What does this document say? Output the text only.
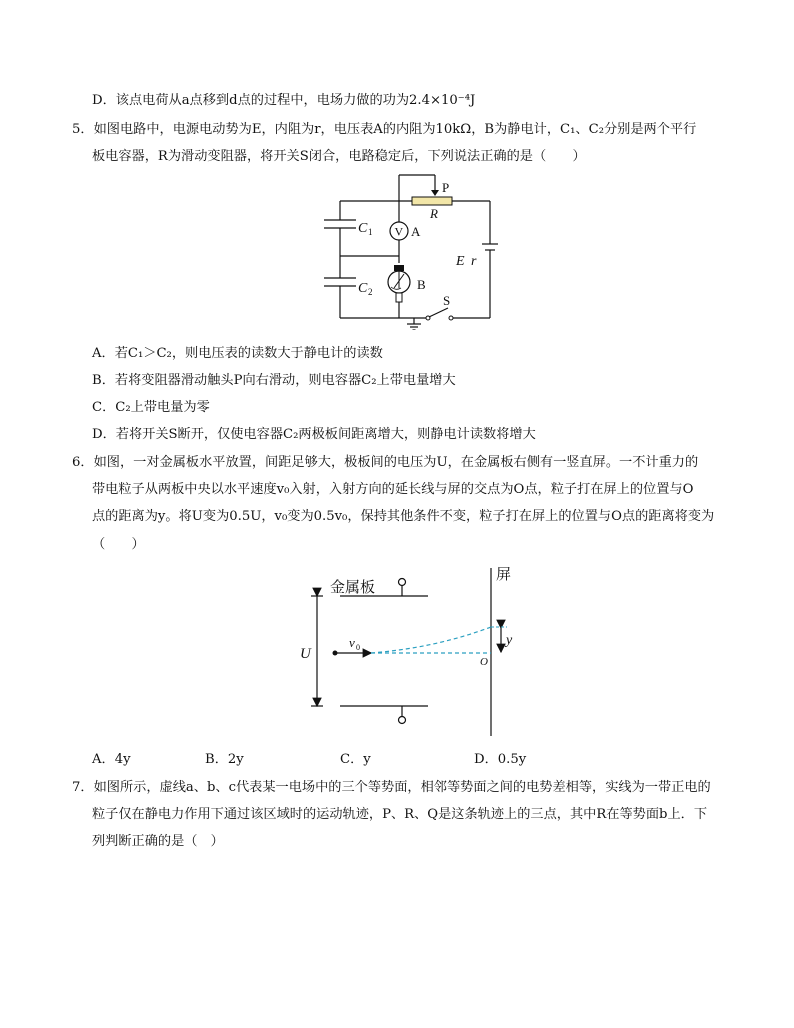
D．该点电荷从a点移到d点的过程中，电场力做的功为2.4×10⁻⁴J
5．如图电路中，电源电动势为E，内阻为r，电压表A的内阻为10kΩ，B为静电计，C₁、C₂分别是两个平行
板电容器，R为滑动变阻器，将开关S闭合，电路稳定后，下列说法正确的是（　　）
P
R
C 1
C 2
V A
E r
B
S
A．若C₁＞C₂，则电压表的读数大于静电计的读数
B．若将变阻器滑动触头P向右滑动，则电容器C₂上带电量增大
C．C₂上带电量为零
D．若将开关S断开，仅使电容器C₂两极板间距离增大，则静电计读数将增大
6．如图，一对金属板水平放置，间距足够大，极板间的电压为U，在金属板右侧有一竖直屏。一不计重力的
带电粒子从两板中央以水平速度v₀入射，入射方向的延长线与屏的交点为O点，粒子打在屏上的位置与O
点的距离为y。将U变为0.5U，v₀变为0.5v₀，保持其他条件不变，粒子打在屏上的位置与O点的距离将变为
（　　）
金属板
屏
U
v 0	y
O
A．4y	B．2y	C．y	D．0.5y
7．如图所示，虚线a、b、c代表某一电场中的三个等势面，相邻等势面之间的电势差相等，实线为一带正电的
粒子仅在静电力作用下通过该区域时的运动轨迹，P、R、Q是这条轨迹上的三点，其中R在等势面b上．下
列判断正确的是（　）
